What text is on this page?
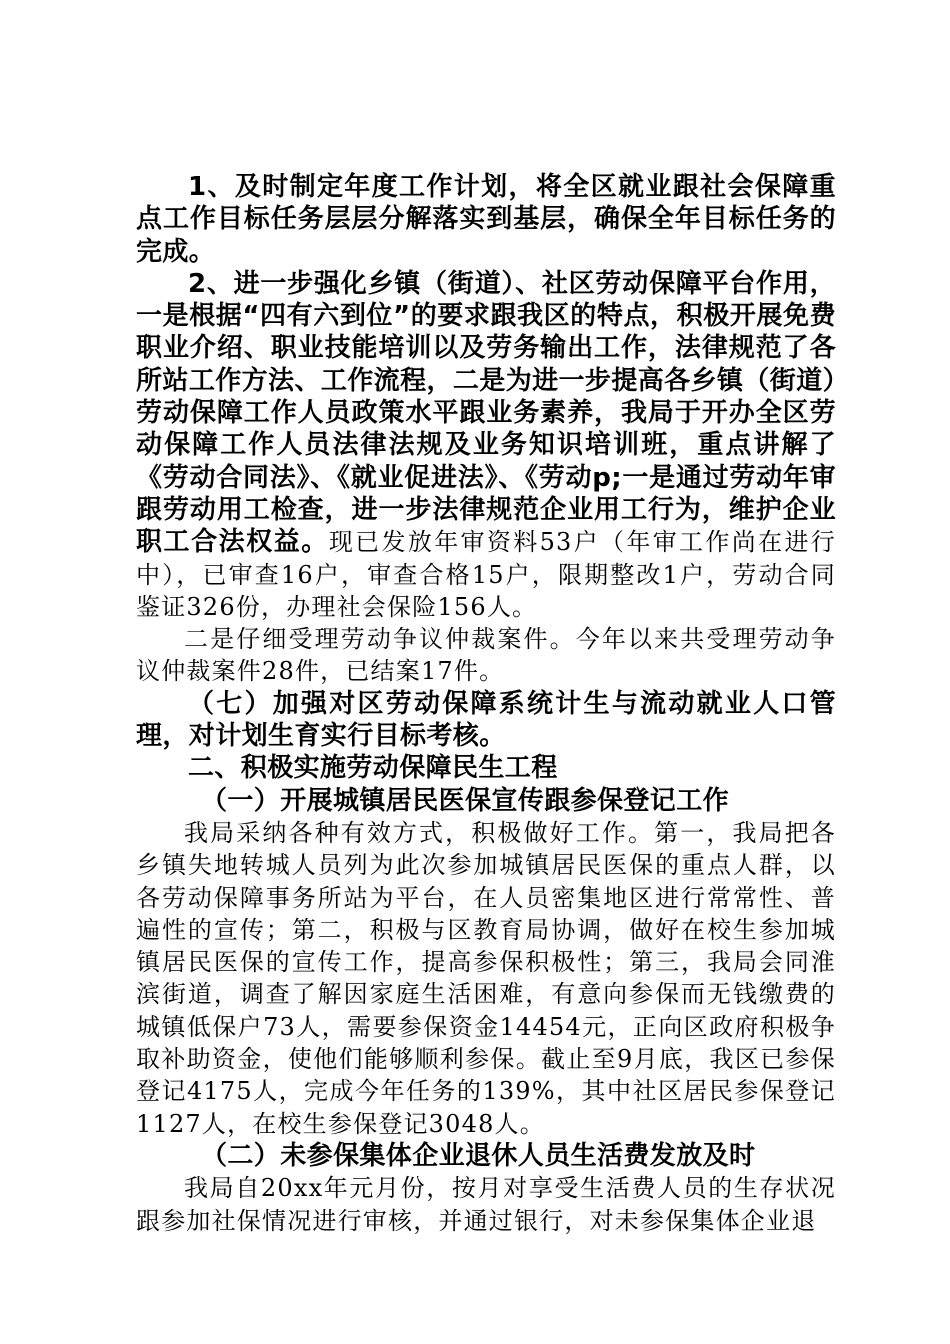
1、及时制定年度工作计划，将全区就业跟社会保障重点工作目标任务层层分解落实到基层，确保全年目标任务的完成。

2、进一步强化乡镇（街道）、社区劳动保障平台作用，一是根据“四有六到位”的要求跟我区的特点，积极开展免费职业介绍、职业技能培训以及劳务输出工作，法律规范了各所站工作方法、工作流程，二是为进一步提高各乡镇（街道）劳动保障工作人员政策水平跟业务素养，我局于开办全区劳动保障工作人员法律法规及业务知识培训班，重点讲解了《劳动合同法》、《就业促进法》、《劳动p;一是通过劳动年审跟劳动用工检查，进一步法律规范企业用工行为，维护企业职工合法权益。现已发放年审资料53户（年审工作尚在进行中），已审查16户，审查合格15户，限期整改1户，劳动合同鉴证326份，办理社会保险156人。

二是仔细受理劳动争议仲裁案件。今年以来共受理劳动争议仲裁案件28件，已结案17件。

（七）加强对区劳动保障系统计生与流动就业人口管理，对计划生育实行目标考核。

二、积极实施劳动保障民生工程

（一）开展城镇居民医保宣传跟参保登记工作

我局采纳各种有效方式，积极做好工作。第一，我局把各乡镇失地转城人员列为此次参加城镇居民医保的重点人群，以各劳动保障事务所站为平台，在人员密集地区进行常常性、普遍性的宣传；第二，积极与区教育局协调，做好在校生参加城镇居民医保的宣传工作，提高参保积极性；第三，我局会同淮滨街道，调查了解因家庭生活困难，有意向参保而无钱缴费的城镇低保户73人，需要参保资金14454元，正向区政府积极争取补助资金，使他们能够顺利参保。截止至9月底，我区已参保登记4175人，完成今年任务的139%，其中社区居民参保登记1127人，在校生参保登记3048人。

（二）未参保集体企业退休人员生活费发放及时

我局自20xx年元月份，按月对享受生活费人员的生存状况跟参加社保情况进行审核，并通过银行，对未参保集体企业退
